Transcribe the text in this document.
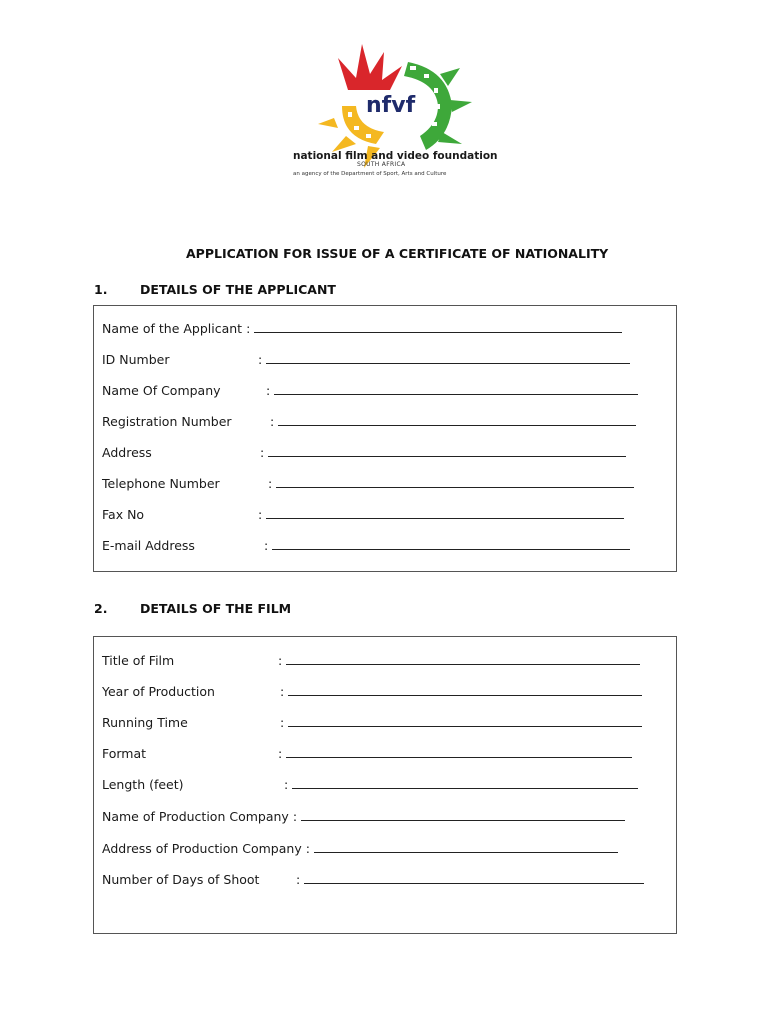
nfvf
national film and video foundation
SOUTH AFRICA
an agency of the Department of Sport, Arts and Culture
APPLICATION FOR ISSUE OF A CERTIFICATE OF NATIONALITY
1.	DETAILS OF THE APPLICANT
Name of the Applicant :
ID Number	:
Name Of Company	:
Registration Number	:
Address	:
Telephone Number	:
Fax No	:
E-mail Address	:
2.	DETAILS OF THE FILM
Title of Film	:
Year of Production	:
Running Time	:
Format	:
Length (feet)	:
Name of Production Company :
Address of Production Company :
Number of Days of Shoot	:
